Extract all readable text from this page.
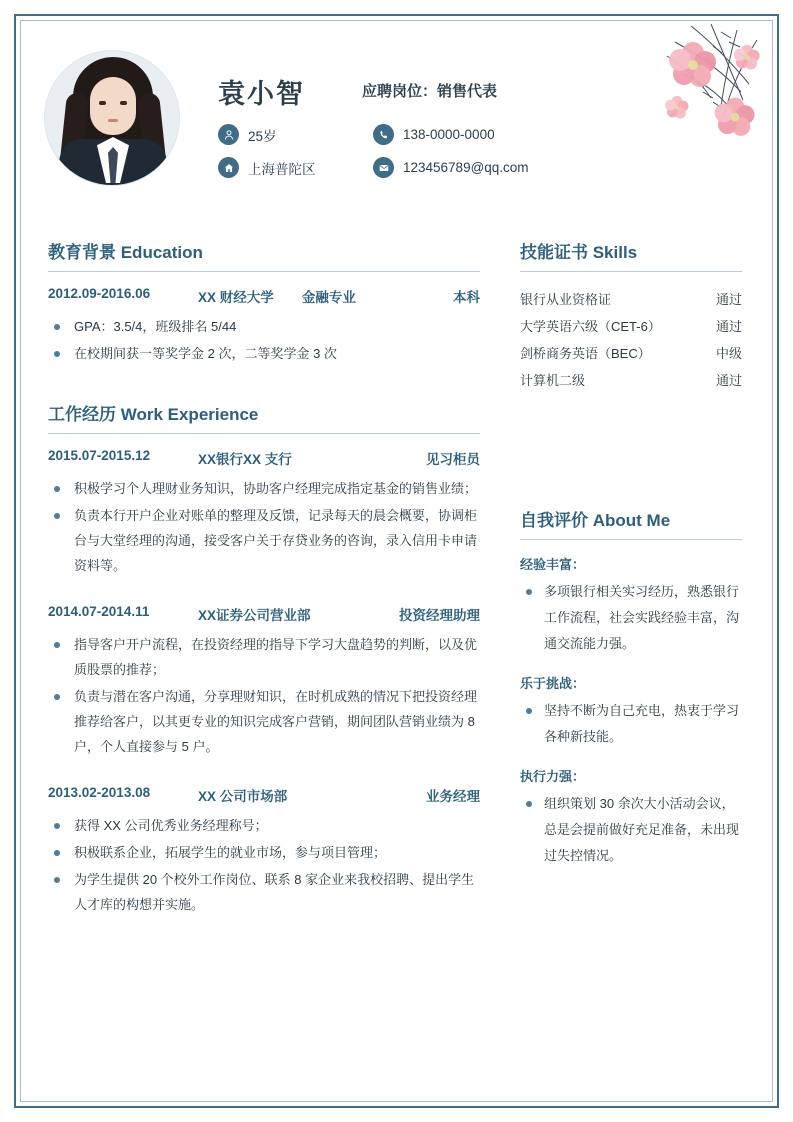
袁小智	应聘岗位：销售代表
25岁	138-0000-0000
上海普陀区	123456789@qq.com
教育背景 Education
2012.09-2016.06	XX 财经大学	金融专业	本科
GPA：3.5/4，班级排名 5/44
在校期间获一等奖学金 2 次，二等奖学金 3 次
工作经历 Work Experience
2015.07-2015.12	XX银行XX 支行	见习柜员
积极学习个人理财业务知识，协助客户经理完成指定基金的销售业绩；
负责本行开户企业对账单的整理及反馈，记录每天的晨会概要，协调柜台与大堂经理的沟通，接受客户关于存贷业务的咨询，录入信用卡申请资料等。
2014.07-2014.11	XX证券公司营业部	投资经理助理
指导客户开户流程，在投资经理的指导下学习大盘趋势的判断，以及优质股票的推荐；
负责与潜在客户沟通，分享理财知识，在时机成熟的情况下把投资经理推荐给客户，以其更专业的知识完成客户营销，期间团队营销业绩为 8 户，个人直接参与 5 户。
2013.02-2013.08	XX 公司市场部	业务经理
获得 XX 公司优秀业务经理称号；
积极联系企业，拓展学生的就业市场，参与项目管理；
为学生提供 20 个校外工作岗位、联系 8 家企业来我校招聘、提出学生人才库的构想并实施。
技能证书 Skills
银行从业资格证	通过
大学英语六级（CET-6）	通过
剑桥商务英语（BEC）	中级
计算机二级	通过
自我评价 About Me
经验丰富：
多项银行相关实习经历，熟悉银行工作流程，社会实践经验丰富，沟通交流能力强。
乐于挑战：
坚持不断为自己充电，热衷于学习各种新技能。
执行力强：
组织策划 30 余次大小活动会议，总是会提前做好充足准备，未出现过失控情况。
